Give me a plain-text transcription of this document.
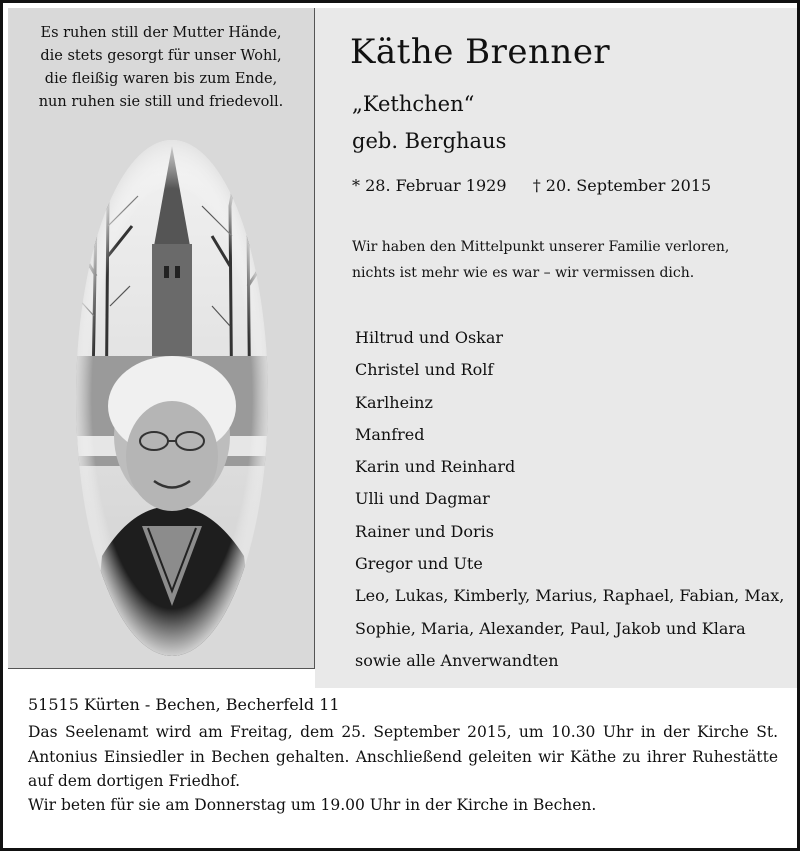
Es ruhen still der Mutter Hände,
die stets gesorgt für unser Wohl,
die fleißig waren bis zum Ende,
nun ruhen sie still und friedevoll.
Käthe Brenner
„Kethchen“
geb. Berghaus
* 28. Februar 1929 † 20. September 2015
Wir haben den Mittelpunkt unserer Familie verloren,
nichts ist mehr wie es war – wir vermissen dich.
Hiltrud und Oskar
Christel und Rolf
Karlheinz
Manfred
Karin und Reinhard
Ulli und Dagmar
Rainer und Doris
Gregor und Ute
Leo, Lukas, Kimberly, Marius, Raphael, Fabian, Max,
Sophie, Maria, Alexander, Paul, Jakob und Klara
sowie alle Anverwandten
51515 Kürten - Bechen, Becherfeld 11
Das Seelenamt wird am Freitag, dem 25. September 2015, um 10.30 Uhr in der Kirche St. Antonius Einsiedler in Bechen gehalten. Anschließend geleiten wir Käthe zu ihrer Ruhestätte auf dem dortigen Friedhof.
Wir beten für sie am Donnerstag um 19.00 Uhr in der Kirche in Bechen.
